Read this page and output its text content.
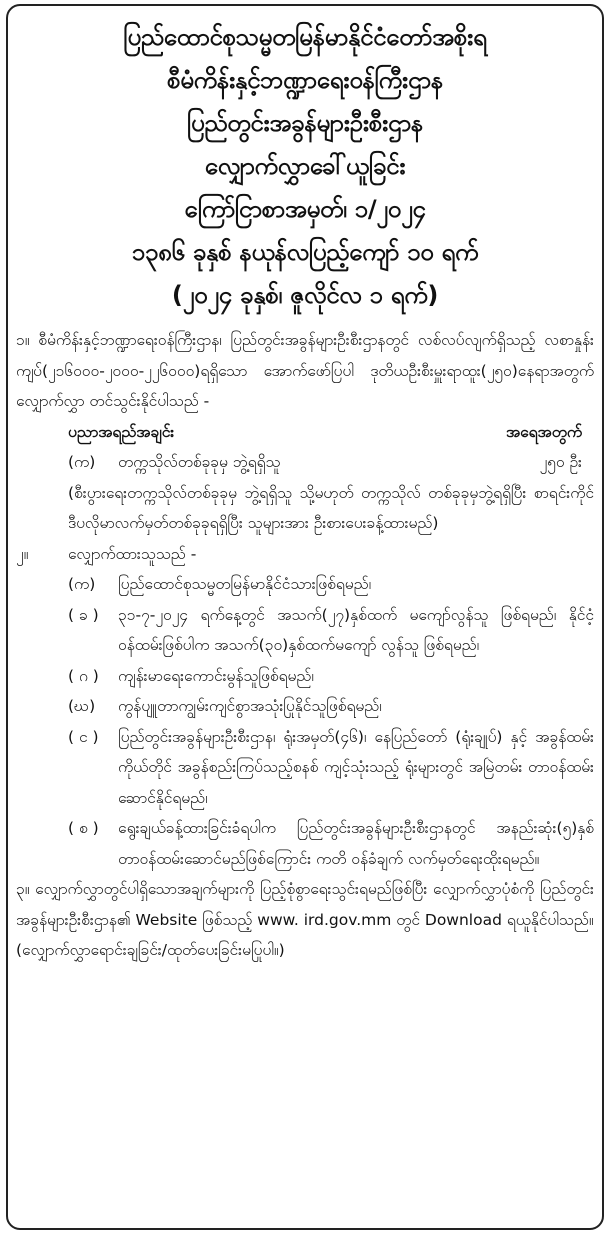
ပြည်ထောင်စုသမ္မတမြန်မာနိုင်ငံတော်အစိုးရ
စီမံကိန်းနှင့်ဘဏ္ဍာရေးဝန်ကြီးဌာန
ပြည်တွင်းအခွန်များဦးစီးဌာန
လျှောက်လွှာခေါ်ယူခြင်း
ကြော်ငြာစာအမှတ်၊ ၁/၂၀၂၄
၁၃၈၆ ခုနှစ် နယုန်လပြည့်ကျော် ၁၀ ရက်
(၂၀၂၄ ခုနှစ်၊ ဇူလိုင်လ ၁ ရက်)

၁။ စီမံကိန်းနှင့်ဘဏ္ဍာရေးဝန်ကြီးဌာန၊ ပြည်တွင်းအခွန်များဦးစီးဌာနတွင် လစ်လပ်လျက်ရှိသည့် လစာနှုန်း ကျပ်(၂၁၆၀၀၀-၂၀၀၀-၂၂၆၀၀၀)ရရှိသော အောက်ဖော်ပြပါ ဒုတိယဦးစီးမှူးရာထူး(၂၅၀)နေရာအတွက် လျှောက်လွှာ တင်သွင်းနိုင်ပါသည် -

ပညာအရည်အချင်း	အရေအတွက်
(က)	တက္ကသိုလ်တစ်ခုခုမှ ဘွဲ့ရရှိသူ	၂၅၀ ဦး

(စီးပွားရေးတက္ကသိုလ်တစ်ခုခုမှ ဘွဲ့ရရှိသူ သို့မဟုတ် တက္ကသိုလ် တစ်ခုခုမှဘွဲ့ရရှိပြီး စာရင်းကိုင် ဒီပလိုမာလက်မှတ်တစ်ခုခုရရှိပြီး သူများအား ဦးစားပေးခန့်ထားမည်)

၂။	လျှောက်ထားသူသည် -
(က)	ပြည်ထောင်စုသမ္မတမြန်မာနိုင်ငံသားဖြစ်ရမည်၊
( ခ )	၃၁-၇-၂၀၂၄ ရက်နေ့တွင် အသက်(၂၇)နှစ်ထက် မကျော်လွန်သူ ဖြစ်ရမည်၊ နိုင်ငံ့ဝန်ထမ်းဖြစ်ပါက အသက်(၃၀)နှစ်ထက်မကျော် လွန်သူ ဖြစ်ရမည်၊
( ဂ )	ကျန်းမာရေးကောင်းမွန်သူဖြစ်ရမည်၊
(ဃ)	ကွန်ပျူတာကျွမ်းကျင်စွာအသုံးပြုနိုင်သူဖြစ်ရမည်၊
( င )	ပြည်တွင်းအခွန်များဦးစီးဌာန၊ ရုံးအမှတ်(၄၆)၊ နေပြည်တော် (ရုံးချုပ်) နှင့် အခွန်ထမ်းကိုယ်တိုင် အခွန်စည်းကြပ်သည့်စနစ် ကျင့်သုံးသည့် ရုံးများတွင် အမြဲတမ်း တာဝန်ထမ်းဆောင်နိုင်ရမည်၊
( စ )	ရွေးချယ်ခန့်ထားခြင်းခံရပါက ပြည်တွင်းအခွန်များဦးစီးဌာနတွင် အနည်းဆုံး(၅)နှစ် တာဝန်ထမ်းဆောင်မည်ဖြစ်ကြောင်း ကတိ ဝန်ခံချက် လက်မှတ်ရေးထိုးရမည်။

၃။ လျှောက်လွှာတွင်ပါရှိသောအချက်များကို ပြည့်စုံစွာရေးသွင်းရမည်ဖြစ်ပြီး လျှောက်လွှာပုံစံကို ပြည်တွင်း အခွန်များဦးစီးဌာန၏ Website ဖြစ်သည့် www. ird.gov.mm တွင် Download ရယူနိုင်ပါသည်။

(လျှောက်လွှာရောင်းချခြင်း/ထုတ်ပေးခြင်းမပြုပါ။)
